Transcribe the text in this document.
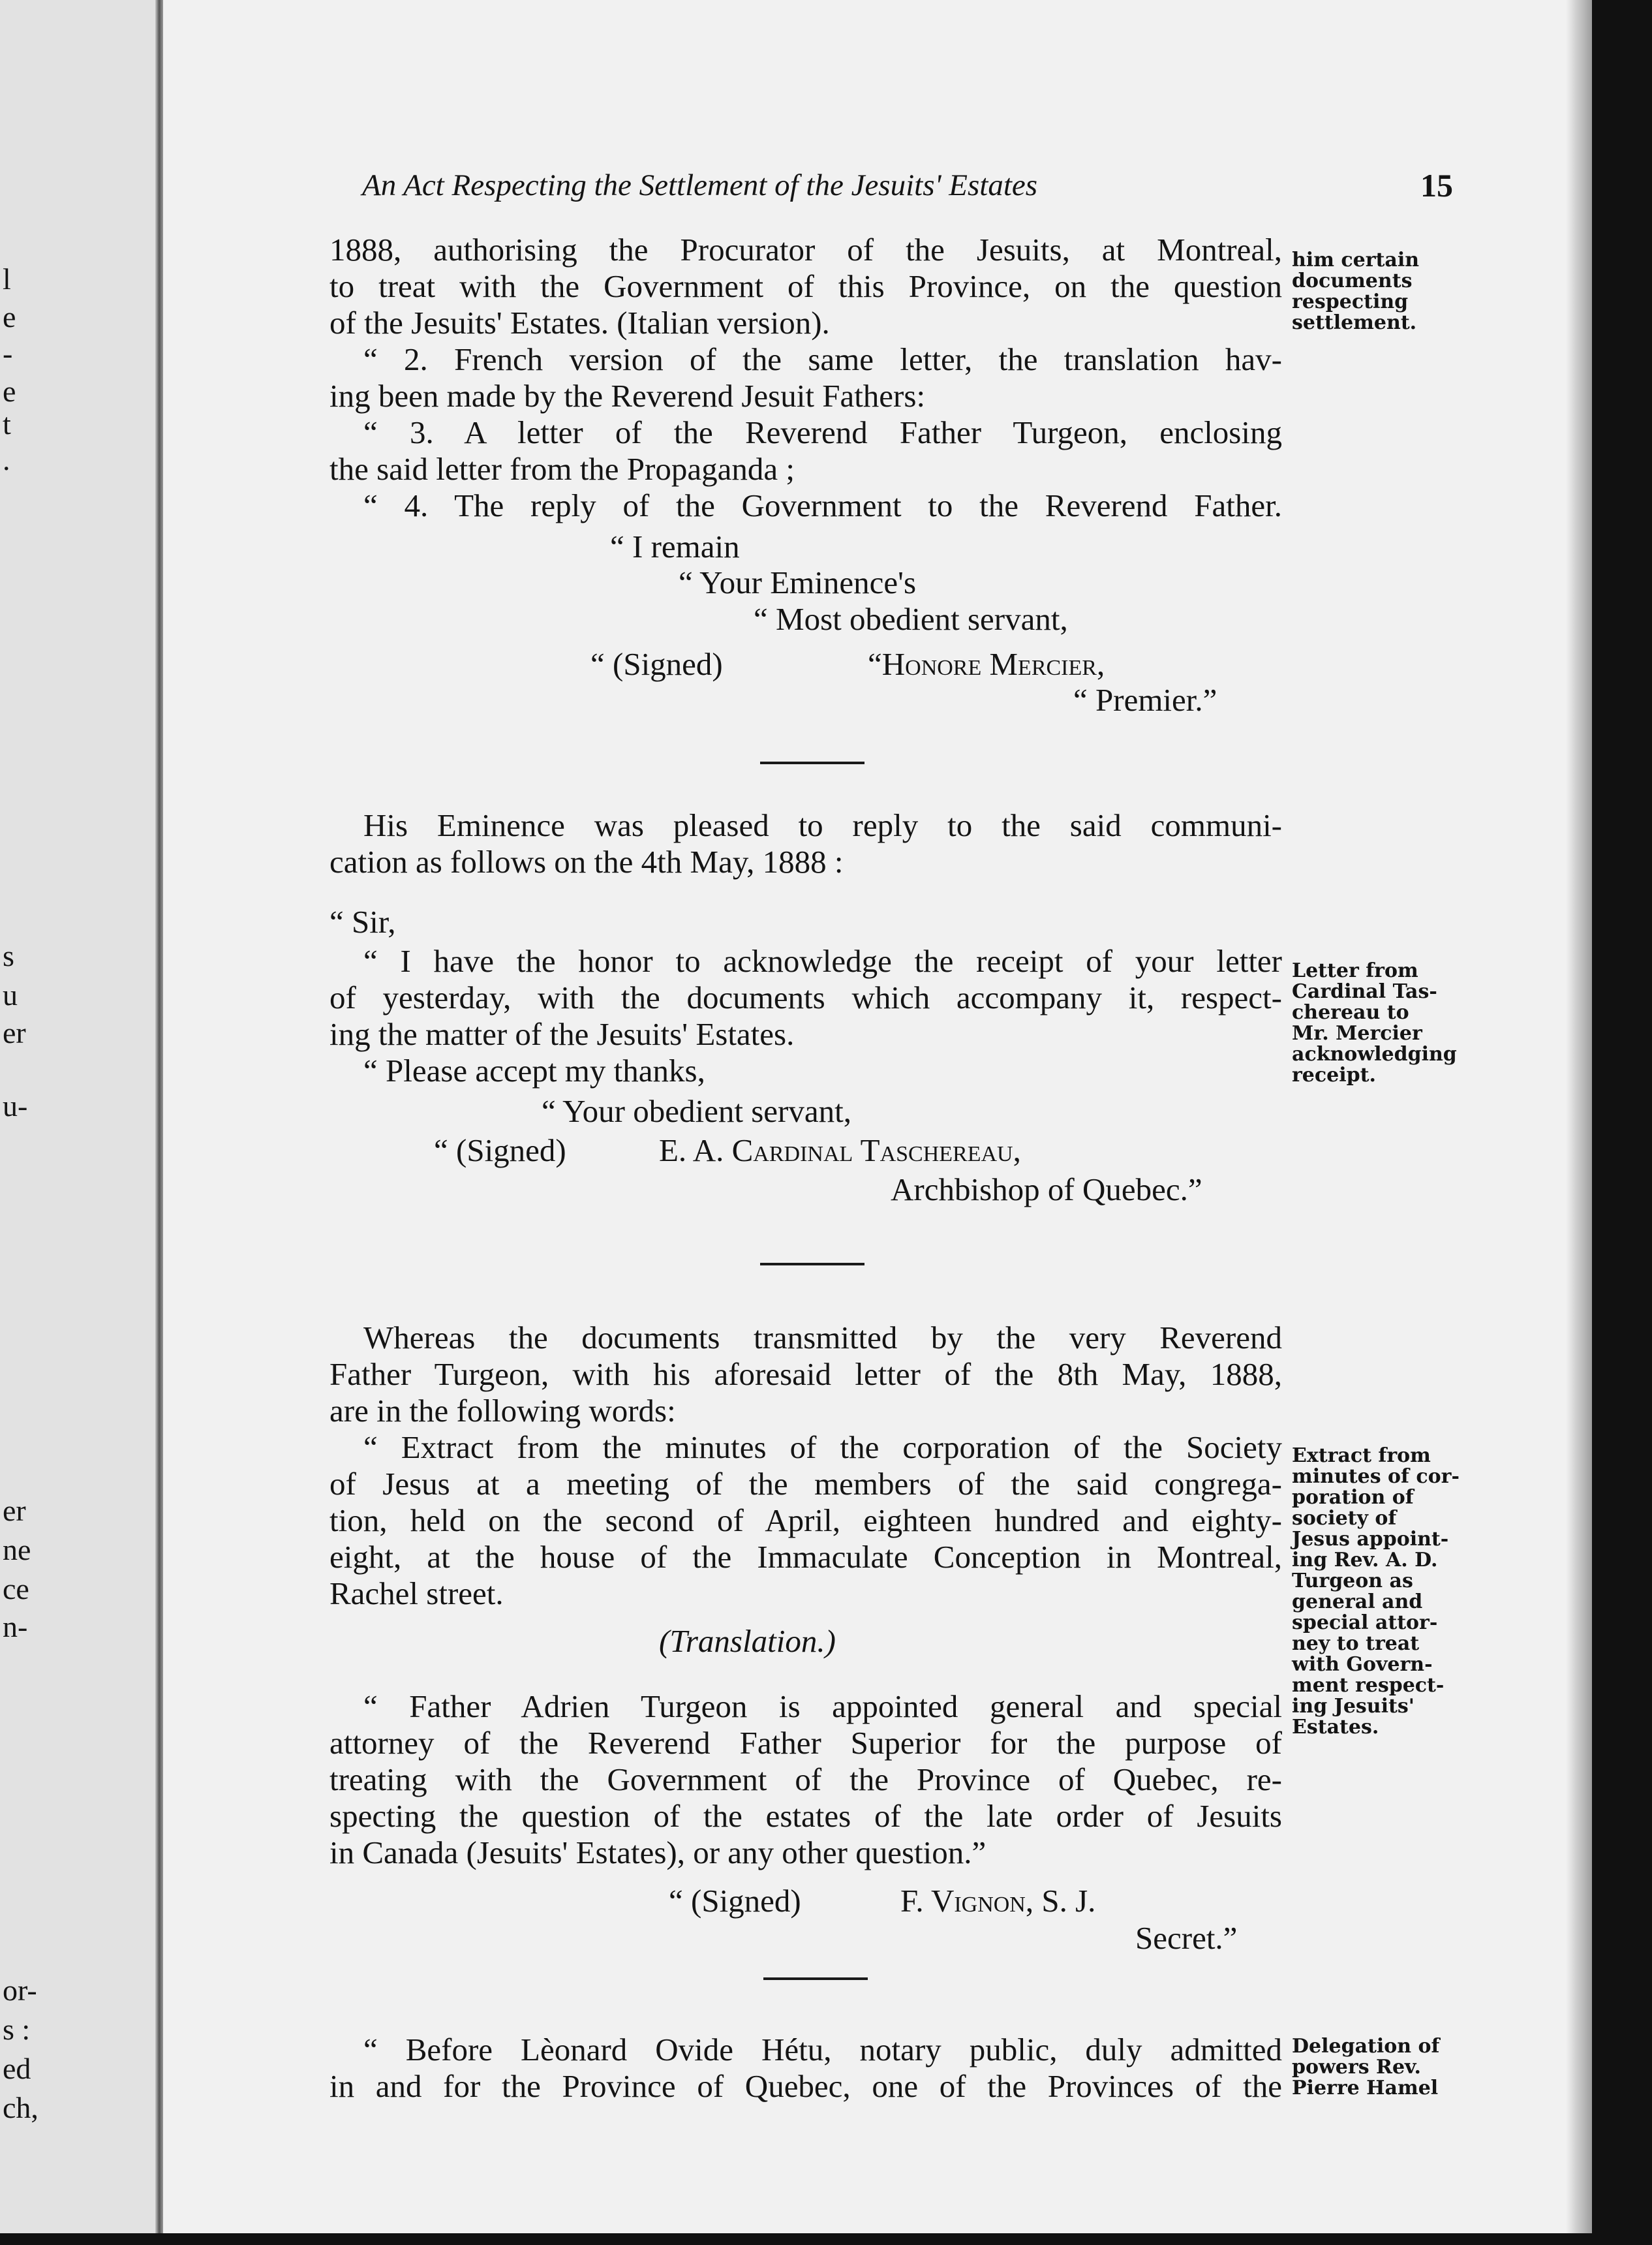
l
e
-
e
t
.
s
u
er
u-
er
ne
ce
n-
or-
s :
ed
ch,
An Act Respecting the Settlement of the Jesuits' Estates	15
1888, authorising the Procurator of the Jesuits, at Montreal,
to treat with the Government of this Province, on the question
of the Jesuits' Estates. (Italian version).
“ 2. French version of the same letter, the translation hav-
ing been made by the Reverend Jesuit Fathers:
“ 3. A letter of the Reverend Father Turgeon, enclosing
the said letter from the Propaganda ;
“ 4. The reply of the Government to the Reverend Father.
“ I remain
“ Your Eminence's
“ Most obedient servant,
“ (Signed)	“Honore Mercier,
“ Premier.”
His Eminence was pleased to reply to the said communi-
cation as follows on the 4th May, 1888 :
“ Sir,
“ I have the honor to acknowledge the receipt of your letter
of yesterday, with the documents which accompany it, respect-
ing the matter of the Jesuits' Estates.
“ Please accept my thanks,
“ Your obedient servant,
“ (Signed)	E. A. Cardinal Taschereau,
Archbishop of Quebec.”
Whereas the documents transmitted by the very Reverend
Father Turgeon, with his aforesaid letter of the 8th May, 1888,
are in the following words:
“ Extract from the minutes of the corporation of the Society
of Jesus at a meeting of the members of the said congrega-
tion, held on the second of April, eighteen hundred and eighty-
eight, at the house of the Immaculate Conception in Montreal,
Rachel street.
(Translation.)
“ Father Adrien Turgeon is appointed general and special
attorney of the Reverend Father Superior for the purpose of
treating with the Government of the Province of Quebec, re-
specting the question of the estates of the late order of Jesuits
in Canada (Jesuits' Estates), or any other question.”
“ (Signed)	F. Vignon, S. J.
Secret.”
“ Before Lèonard Ovide Hétu, notary public, duly admitted
in and for the Province of Quebec, one of the Provinces of the
him certain
documents
respecting
settlement.
Letter from
Cardinal Tas-
chereau to
Mr. Mercier
acknowledging
receipt.
Extract from
minutes of cor-
poration of
society of
Jesus appoint-
ing Rev. A. D.
Turgeon as
general and
special attor-
ney to treat
with Govern-
ment respect-
ing Jesuits'
Estates.
Delegation of
powers Rev.
Pierre Hamel
